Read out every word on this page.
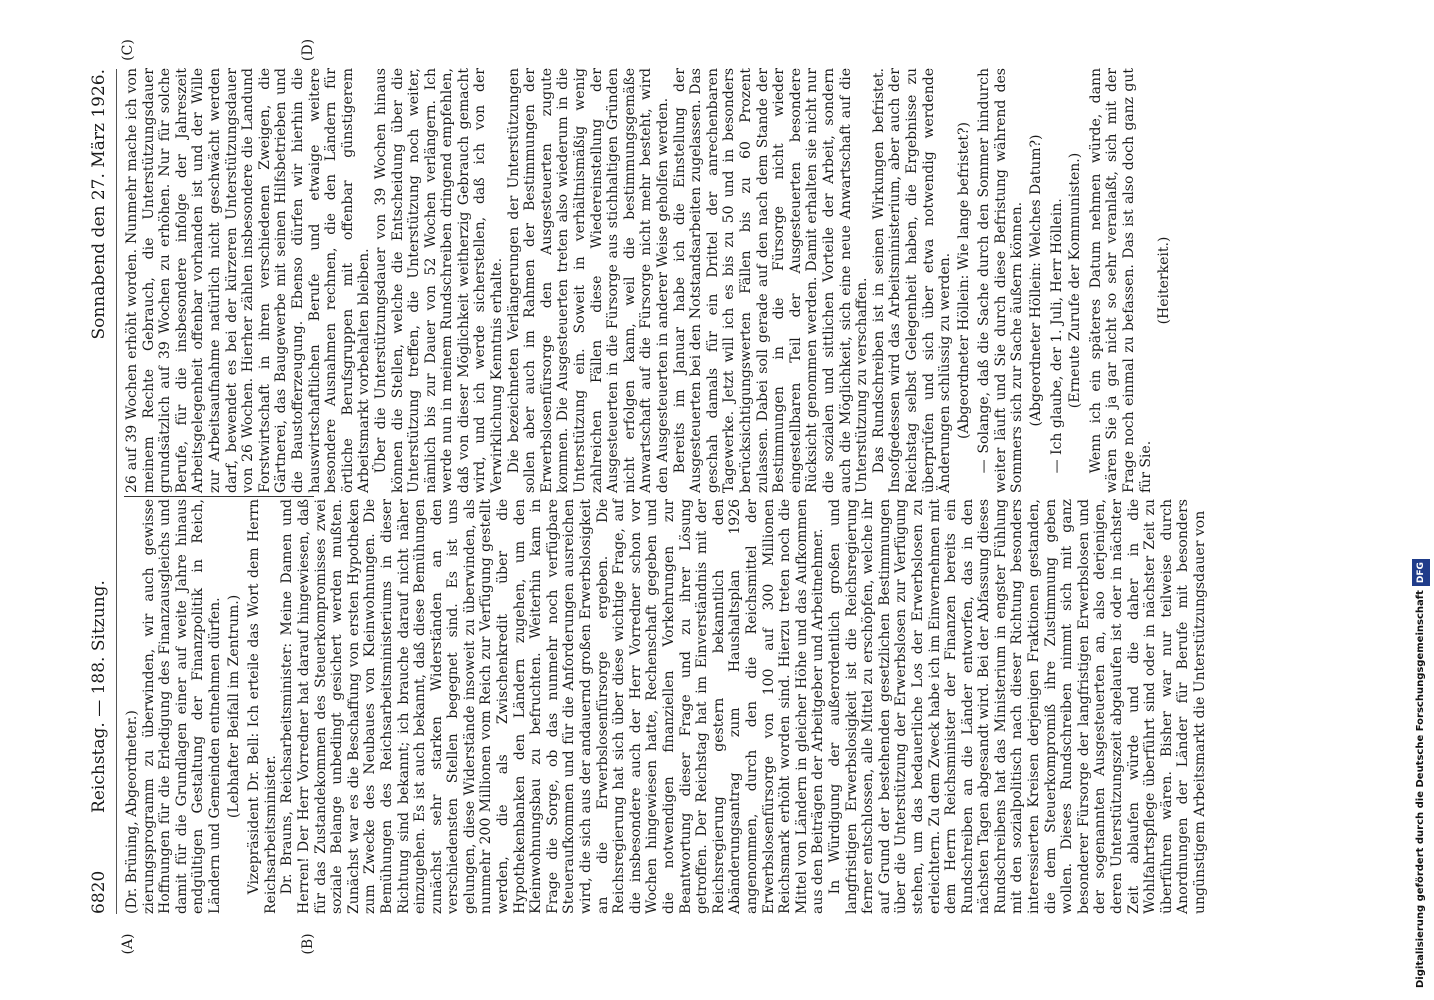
6820
Reichstag. — 188. Sitzung.
Sonnabend den 27. März 1926.
(A)	(B)
(C)	(D)

(Dr. Brüning, Abgeordneter.) zierungsprogramm zu überwinden, wir auch gewisse Hoffnungen für die Erledigung des Finanzausgleichs und damit für die Grundlagen einer auf weite Jahre hinaus endgültigen Gestaltung der Finanzpolitik in Reich, Ländern und Gemeinden entnehmen dürfen. (Lebhafter Beifall im Zentrum.) Vizepräsident Dr. Bell: Ich erteile das Wort dem Herrn Reichsarbeitsminister. Dr. Brauns, Reichsarbeitsminister: Meine Damen und Herren! Der Herr Vorredner hat darauf hingewiesen, daß für das Zustandekommen des Steuerkompromisses zwei soziale Belange unbedingt gesichert werden mußten. Zunächst war es die Beschaffung von ersten Hypotheken zum Zwecke des Neubaues von Kleinwohnungen. Die Bemühungen des Reichsarbeitsministeriums in dieser Richtung sind bekannt; ich brauche darauf nicht näher einzugehen. Es ist auch bekannt, daß diese Bemühungen zunächst sehr starken Widerständen an den verschiedensten Stellen begegnet sind. Es ist uns gelungen, diese Widerstände insoweit zu überwinden, als nunmehr 200 Millionen vom Reich zur Verfügung gestellt werden, die als Zwischenkredit über die Hypothekenbanken den Ländern zugehen, um den Kleinwohnungsbau zu befruchten. Weiterhin kam in Frage die Sorge, ob das nunmehr noch verfügbare Steueraufkommen und für die Anforderungen ausreichen wird, die sich aus der andauernd großen Erwerbslosigkeit an die Erwerbslosenfürsorge ergeben. Die Reichsregierung hat sich über diese wichtige Frage, auf die insbesondere auch der Herr Vorredner schon vor Wochen hingewiesen hatte, Rechenschaft gegeben und die notwendigen finanziellen Vorkehrungen zur Beantwortung dieser Frage und zu ihrer Lösung getroffen. Der Reichstag hat im Einverständnis mit der Reichsregierung gestern bekanntlich den Abänderungsantrag zum Haushaltsplan 1926 angenommen, durch den die Reichsmittel der Erwerbslosenfürsorge von 100 auf 300 Millionen Reichsmark erhöht worden sind. Hierzu treten noch die Mittel von Ländern in gleicher Höhe und das Aufkommen aus den Beiträgen der Arbeitgeber und Arbeitnehmer. In Würdigung der außerordentlich großen und langfristigen Erwerbslosigkeit ist die Reichsregierung ferner entschlossen, alle Mittel zu erschöpfen, welche ihr auf Grund der bestehenden gesetzlichen Bestimmungen über die Unterstützung der Erwerbslosen zur Verfügung stehen, um das bedauerliche Los der Erwerbslosen zu erleichtern. Zu dem Zweck habe ich im Einvernehmen mit dem Herrn Reichsminister der Finanzen bereits ein Rundschreiben an die Länder entworfen, das in den nächsten Tagen abgesandt wird. Bei der Abfassung dieses Rundschreibens hat das Ministerium in engster Fühlung mit den sozialpolitisch nach dieser Richtung besonders interessierten Kreisen derjenigen Fraktionen gestanden, die dem Steuerkompromiß ihre Zustimmung geben wollen. Dieses Rundschreiben nimmt sich mit ganz besonderer Fürsorge der langfristigen Erwerbslosen und der sogenannten Ausgesteuerten an, also derjenigen, deren Unterstützungszeit abgelaufen ist oder in nächster Zeit ablaufen würde und die daher in die Wohlfahrtspflege überführt sind oder in nächster Zeit zu überführen wären. Bisher war nur teilweise durch Anordnungen der Länder für Berufe mit besonders ungünstigem Arbeitsmarkt die Unterstützungsdauer von

26 auf 39 Wochen erhöht worden. Nunmehr mache ich von meinem Rechte Gebrauch, die Unterstützungsdauer grundsätzlich auf 39 Wochen zu erhöhen. Nur für solche Berufe, für die insbesondere infolge der Jahreszeit Arbeitsgelegenheit offenbar vorhanden ist und der Wille zur Arbeitsaufnahme natürlich nicht geschwächt werden darf, bewendet es bei der kürzeren Unterstützungsdauer von 26 Wochen. Hierher zählen insbesondere die Landund Forstwirtschaft in ihren verschiedenen Zweigen, die Gärtnerei, das Baugewerbe mit seinen Hilfsbetrieben und die Baustofferzeugung. Ebenso dürfen wir hierhin die hauswirtschaftlichen Berufe und etwaige weitere besondere Ausnahmen rechnen, die den Ländern für örtliche Berufsgruppen mit offenbar günstigerem Arbeitsmarkt vorbehalten bleiben. Über die Unterstützungsdauer von 39 Wochen hinaus können die Stellen, welche die Entscheidung über die Unterstützung treffen, die Unterstützung noch weiter, nämlich bis zur Dauer von 52 Wochen verlängern. Ich werde nun in meinem Rundschreiben dringend empfehlen, daß von dieser Möglichkeit weitherzig Gebrauch gemacht wird, und ich werde sicherstellen, daß ich von der Verwirklichung Kenntnis erhalte. Die bezeichneten Verlängerungen der Unterstützungen sollen aber auch im Rahmen der Bestimmungen der Erwerbslosenfürsorge den Ausgesteuerten zugute kommen. Die Ausgesteuerten treten also wiederum in die Unterstützung ein. Soweit in verhältnismäßig wenig zahlreichen Fällen diese Wiedereinstellung der Ausgesteuerten in die Fürsorge aus stichhaltigen Gründen nicht erfolgen kann, weil die bestimmungsgemäße Anwartschaft auf die Fürsorge nicht mehr besteht, wird den Ausgesteuerten in anderer Weise geholfen werden. Bereits im Januar habe ich die Einstellung der Ausgesteuerten bei den Notstandsarbeiten zugelassen. Das geschah damals für ein Drittel der anrechenbaren Tagewerke. Jetzt will ich es bis zu 50 und in besonders berücksichtigungswerten Fällen bis zu 60 Prozent zulassen. Dabei soll gerade auf den nach dem Stande der Bestimmungen in die Fürsorge nicht wieder eingestellbaren Teil der Ausgesteuerten besondere Rücksicht genommen werden. Damit erhalten sie nicht nur die sozialen und sittlichen Vorteile der Arbeit, sondern auch die Möglichkeit, sich eine neue Anwartschaft auf die Unterstützung zu verschaffen. Das Rundschreiben ist in seinen Wirkungen befristet. Insofgedessen wird das Arbeitsministerium, aber auch der Reichstag selbst Gelegenheit haben, die Ergebnisse zu überprüfen und sich über etwa notwendig werdende Änderungen schlüssig zu werden. (Abgeordneter Höllein: Wie lange befristet?) — Solange, daß die Sache durch den Sommer hindurch weiter läuft und Sie durch diese Befristung während des Sommers sich zur Sache äußern können. (Abgeordneter Höllein: Welches Datum?) — Ich glaube, der 1. Juli, Herr Höllein. (Erneute Zurufe der Kommunisten.) Wenn ich ein späteres Datum nehmen würde, dann wären Sie ja gar nicht so sehr veranlaßt, sich mit der Frage noch einmal zu befassen. Das ist also doch ganz gut für Sie.

(Heiterkeit.)

Digitalisierung gefördert durch die Deutsche ForschungsgemeinschaftDFG
